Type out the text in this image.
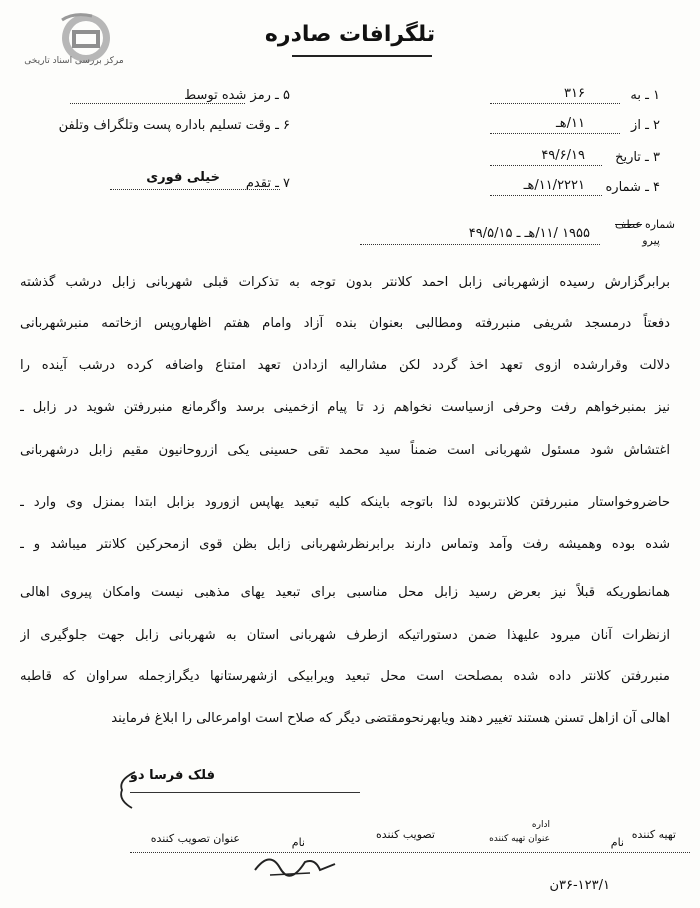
مرکز بررسی اسناد تاریخی
تلگرافات صادره
۱ ـ به
۳۱۶
۲ ـ از
۱۱/هـ
۳ ـ تاریخ
۴۹/۶/۱۹
۴ ـ شماره
۱۱/۲۲۲۱/هـ
۵ ـ رمز شده توسط
۶ ـ وقت تسلیم باداره پست وتلگراف وتلفن
۷ ـ تقدم
خیلی فوری
شماره
عطف
پیرو
۱۹۵۵ /۱۱/هـ ـ ۴۹/۵/۱۵
برابرگزارش رسیده ازشهربانی زابل احمد کلانتر بدون توجه به تذکرات قبلی شهربانی زابل درشب گذشته
دفعتاً درمسجد شریفی منبررفته ومطالبی بعنوان بنده آزاد وامام هفتم اظهاروپس ازخاتمه منبرشهربانی
دلالت وقرارشده ازوی تعهد اخذ گردد لکن مشارالیه ازدادن تعهد امتناع واضافه کرده درشب آینده را
نیز بمنبرخواهم رفت وحرفی ازسیاست نخواهم زد تا پیام ازخمینی برسد واگرمانع منبررفتن شوید در زابل ـ
اغتشاش شود مسئول شهربانی است ضمناً سید محمد تقی حسینی یکی ازروحانیون مقیم زابل درشهربانی
حاضروخواستار منبررفتن کلانتربوده لذا باتوجه باینکه کلیه تبعید یهاپس ازورود بزابل ابتدا بمنزل وی وارد ـ
شده بوده وهمیشه رفت وآمد وتماس دارند برابرنظرشهربانی زابل بظن قوی ازمحرکین کلانتر میباشد و ـ
همانطوریکه قبلاً نیز بعرض رسید زابل محل مناسبی برای تبعید یهای مذهبی نیست وامکان پیروی اهالی
ازنظرات آنان میرود علیهذا ضمن دستوراتیکه ازطرف شهربانی استان به شهربانی زابل جهت جلوگیری از
منبررفتن کلانتر داده شده بمصلحت است محل تبعید ویرابیکی ازشهرستانها دیگرازجمله سراوان که قاطبه
اهالی آن ازاهل تسنن هستند تغییر دهند ویابهرنحومقتضی دیگر که صلاح است اوامرعالی را ابلاغ فرمایند
فلک فرسا دو
تهیه کننده
نام
اداره
عنوان تهیه کننده
تصویب کننده
نام
عنوان تصویب کننده
۳۶-۱۲۳/۱ن
